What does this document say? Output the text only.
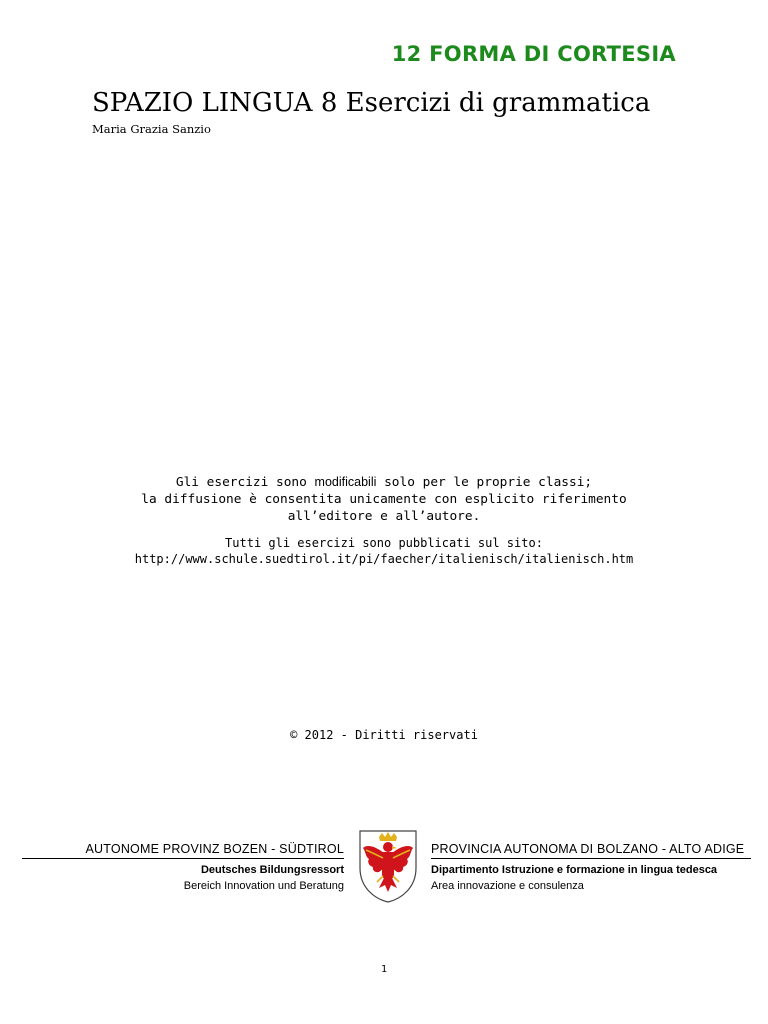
12 FORMA DI CORTESIA
SPAZIO LINGUA 8 Esercizi di grammatica
Maria Grazia Sanzio
Gli esercizi sono modificabili solo per le proprie classi;
la diffusione è consentita unicamente con esplicito riferimento
all’editore e all’autore.
Tutti gli esercizi sono pubblicati sul sito:
http://www.schule.suedtirol.it/pi/faecher/italienisch/italienisch.htm
© 2012 - Diritti riservati
AUTONOME PROVINZ BOZEN - SÜDTIROL
Deutsches Bildungsressort
Bereich Innovation und Beratung
PROVINCIA AUTONOMA DI BOLZANO - ALTO ADIGE
Dipartimento Istruzione e formazione in lingua tedesca
Area innovazione e consulenza
1
